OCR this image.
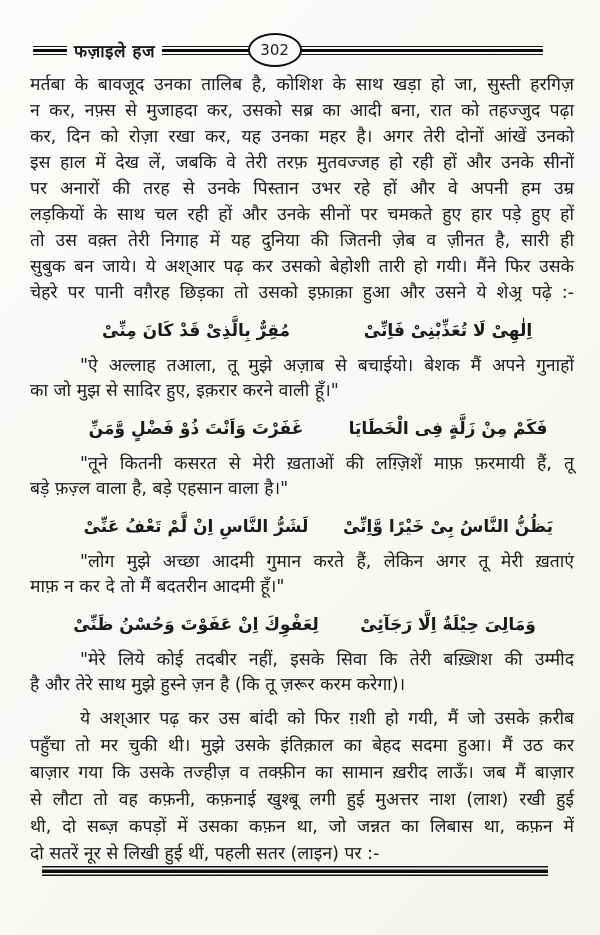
फज़ाइले हज	302
मर्तबा के बावजूद उनका तालिब है, कोशिश के साथ खड़ा हो जा, सुस्ती हरगिज़
न कर, नफ़्स से मुजाहदा कर, उसको सब्र का आदी बना, रात को तहज्जुद पढ़ा
कर, दिन को रोज़ा रखा कर, यह उनका महर है। अगर तेरी दोनों आंखें उनको
इस हाल में देख लें, जबकि वे तेरी तरफ़ मुतवज्जह हो रही हों और उनके सीनों
पर अनारों की तरह से उनके पिस्तान उभर रहे हों और वे अपनी हम उम्र
लड़कियों के साथ चल रही हों और उनके सीनों पर चमकते हुए हार पड़े हुए हों
तो उस वक़्त तेरी निगाह में यह दुनिया की जितनी ज़ेब व ज़ीनत है, सारी ही
सुबुक बन जाये। ये अश्आर पढ़ कर उसको बेहोशी तारी हो गयी। मैंने फिर उसके
चेहरे पर पानी वग़ैरह छिड़का तो उसको इफ़ाक़ा हुआ और उसने ये शेअ्र पढ़े :-
اِلٰهِىْ لَا تُعَذِّبْنِىْ فَاِنِّىْ
مُقِرٌّ بِالَّذِىْ قَدْ كَانَ مِنِّىْ
"ऐ अल्लाह तआला, तू मुझे अज़ाब से बचाईयो। बेशक मैं अपने गुनाहों
का जो मुझ से सादिर हुए, इक़रार करने वाली हूँ।"
فَكَمْ مِنْ زَلَّةٍ فِى الْخَطَايَا
غَفَرْتَ وَاَنْتَ ذُوْ فَضْلٍ وَّمَنِّ
"तूने कितनी कसरत से मेरी ख़ताओं की लग़्ज़िशें माफ़ फ़रमायी हैं, तू
बड़े फ़ज़्ल वाला है, बड़े एहसान वाला है।"
يَظُنُّ النَّاسُ بِىْ خَيْرًا وَّاِنِّىْ
لَشَرُّ النَّاسِ اِنْ لَّمْ تَعْفُ عَنِّىْ
"लोग मुझे अच्छा आदमी गुमान करते हैं, लेकिन अगर तू मेरी ख़ताएं
माफ़ न कर दे तो मैं बदतरीन आदमी हूँ।"
وَمَالِىَ حِيْلَةٌ اِلَّا رَجَآئِىْ
لِعَفْوِكَ اِنْ عَفَوْتَ وَحُسْنُ ظَنِّىْ
"मेरे लिये कोई तदबीर नहीं, इसके सिवा कि तेरी बख़्शिश की उम्मीद
है और तेरे साथ मुझे हुस्ने ज़न है (कि तू ज़रूर करम करेगा)।
ये अश्आर पढ़ कर उस बांदी को फिर ग़शी हो गयी, मैं जो उसके क़रीब
पहुँचा तो मर चुकी थी। मुझे उसके इंतिक़ाल का बेहद सदमा हुआ। मैं उठ कर
बाज़ार गया कि उसके तज्हीज़ व तक्फ़ीन का सामान ख़रीद लाऊँ। जब मैं बाज़ार
से लौटा तो वह कफ़नी, कफ़नाई खुश्बू लगी हुई मुअत्तर नाश (लाश) रखी हुई
थी, दो सब्ज़ कपड़ों में उसका कफ़न था, जो जन्नत का लिबास था, कफ़न में
दो सतरें नूर से लिखी हुई थीं, पहली सतर (लाइन) पर :-
